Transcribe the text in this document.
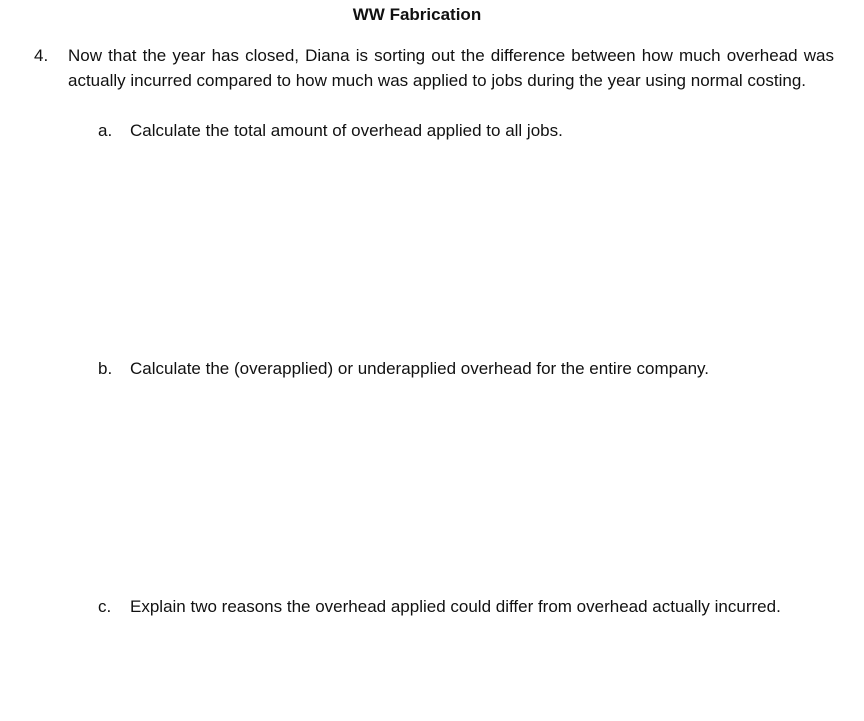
WW Fabrication
4.	Now that the year has closed, Diana is sorting out the difference between how much overhead was actually incurred compared to how much was applied to jobs during the year using normal costing.
a.	Calculate the total amount of overhead applied to all jobs.
b.	Calculate the (overapplied) or underapplied overhead for the entire company.
c.	Explain two reasons the overhead applied could differ from overhead actually incurred.
